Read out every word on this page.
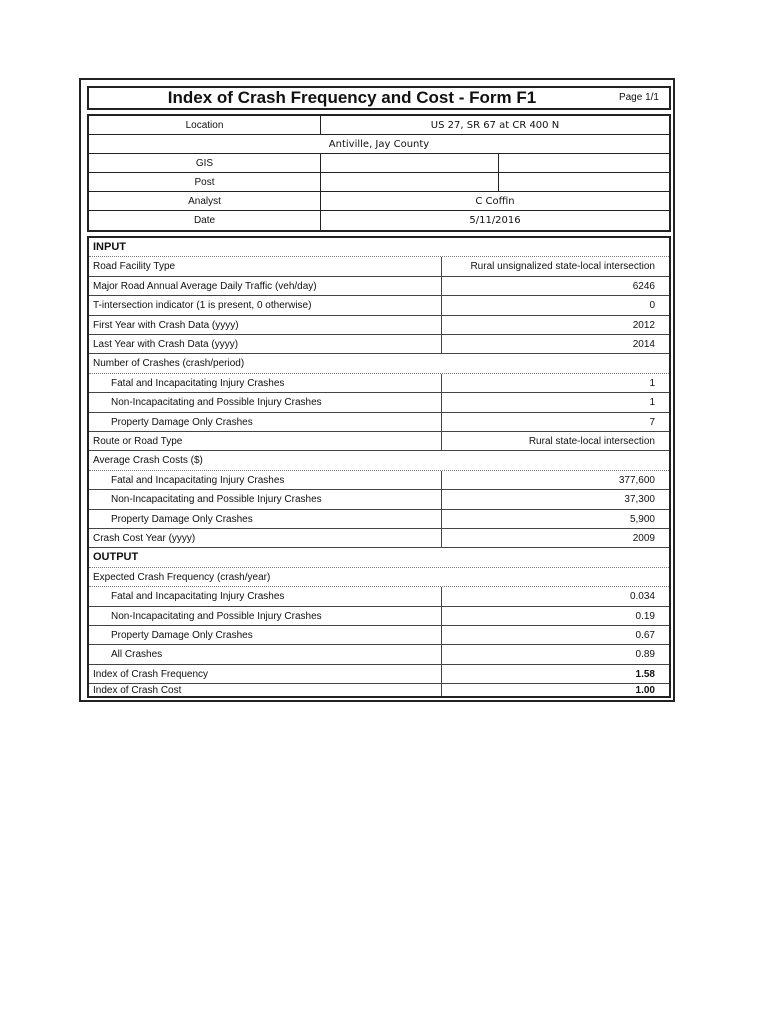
Index of Crash Frequency and Cost - Form F1	Page 1/1
Location	US 27, SR 67 at CR 400 N
Antiville, Jay County
GIS
Post
Analyst	C Coffin
Date	5/11/2016
INPUT
Road Facility Type	Rural unsignalized state-local intersection
Major Road Annual Average Daily Traffic (veh/day)	6246
T-intersection indicator (1 is present, 0 otherwise)	0
First Year with Crash Data (yyyy)	2012
Last Year with Crash Data (yyyy)	2014
Number of Crashes (crash/period)
Fatal and Incapacitating Injury Crashes	1
Non-Incapacitating and Possible Injury Crashes	1
Property Damage Only Crashes	7
Route or Road Type	Rural state-local intersection
Average Crash Costs ($)
Fatal and Incapacitating Injury Crashes	377,600
Non-Incapacitating and Possible Injury Crashes	37,300
Property Damage Only Crashes	5,900
Crash Cost Year (yyyy)	2009
OUTPUT
Expected Crash Frequency (crash/year)
Fatal and Incapacitating Injury Crashes	0.034
Non-Incapacitating and Possible Injury Crashes	0.19
Property Damage Only Crashes	0.67
All Crashes	0.89
Index of Crash Frequency	1.58
Index of Crash Cost	1.00
